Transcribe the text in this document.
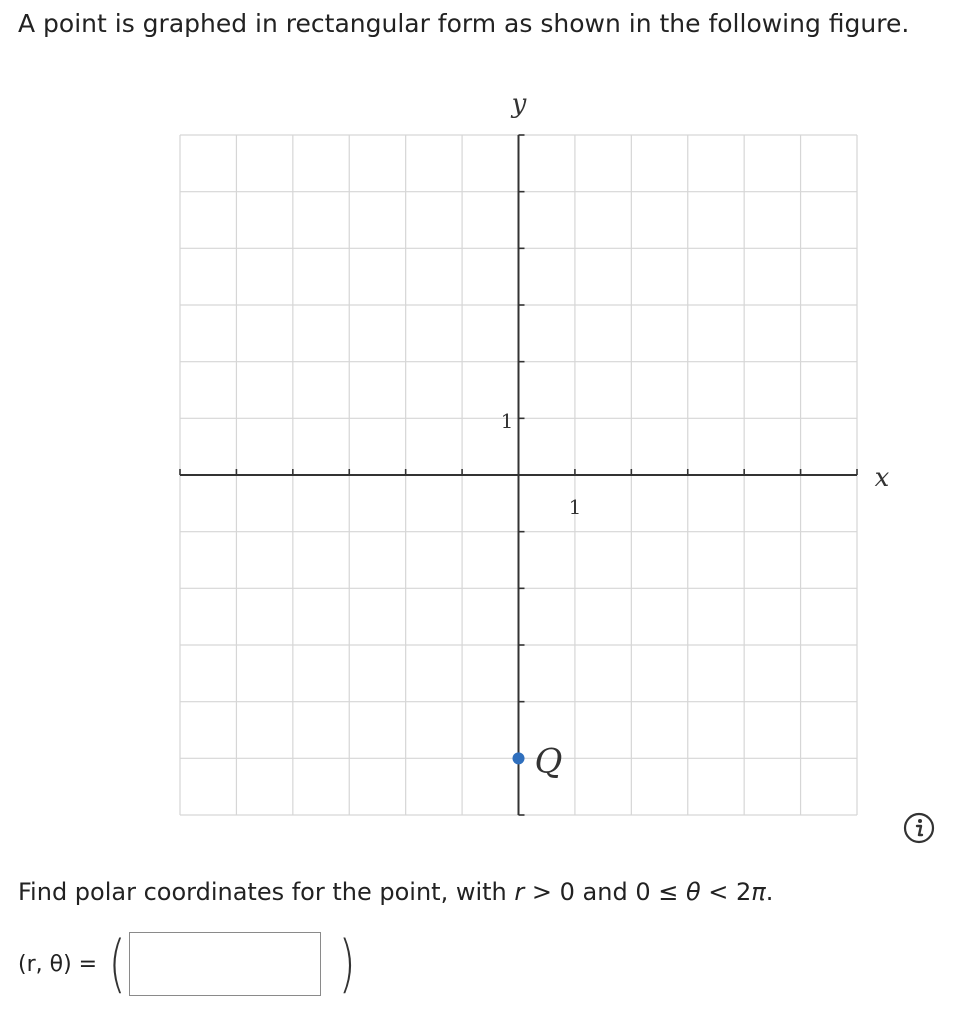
A point is graphed in rectangular form as shown in the following figure.
y
x
1
1
Q
Find polar coordinates for the point, with r > 0 and 0 ≤ θ < 2π.
(r, θ) = (	)
